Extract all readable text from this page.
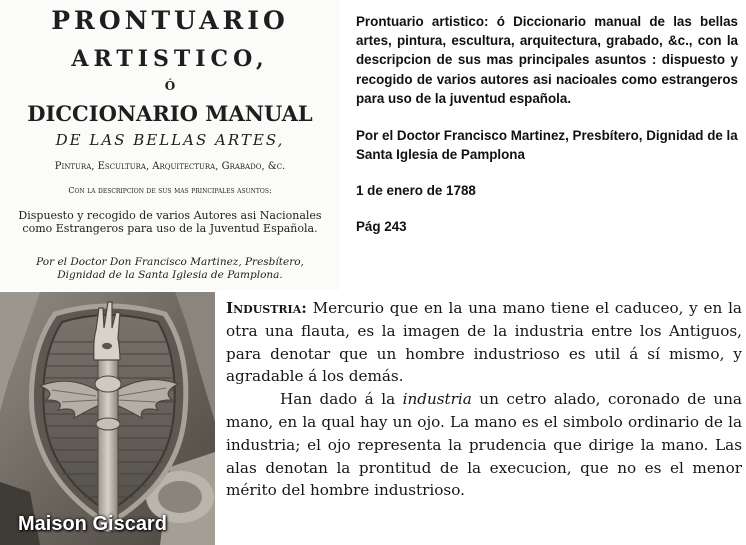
PRONTUARIO
ARTISTICO,
Ó
DICCIONARIO MANUAL
DE LAS BELLAS ARTES,
Pintura, Escultura, Arquitectura, Grabado, &c.
Con la descripcion de sus mas principales asuntos:
Dispuesto y recogido de varios Autores asi Nacionales como Estrangeros para uso de la Juventud Española.
Por el Doctor Don Francisco Martinez, Presbítero, Dignidad de la Santa Iglesia de Pamplona.

Prontuario artistico: ó Diccionario manual de las bellas artes, pintura, escultura, arquitectura, grabado, &c., con la descripcion de sus mas principales asuntos : dispuesto y recogido de varios autores asi nacioales como estrangeros para uso de la juventud española.

Por el Doctor Francisco Martinez, Presbítero, Dignidad de la Santa Iglesia de Pamplona

1 de enero de 1788

Pág 243

Maison Giscard

Industria: Mercurio que en la una mano tiene el caduceo, y en la otra una flauta, es la imagen de la industria entre los Antiguos, para denotar que un hombre industrioso es util á sí mismo, y agradable á los demás.

Han dado á la industria un cetro alado, coronado de una mano, en la qual hay un ojo. La mano es el simbolo ordinario de la industria; el ojo representa la prudencia que dirige la mano. Las alas denotan la prontitud de la execucion, que no es el menor mérito del hombre industrioso.
